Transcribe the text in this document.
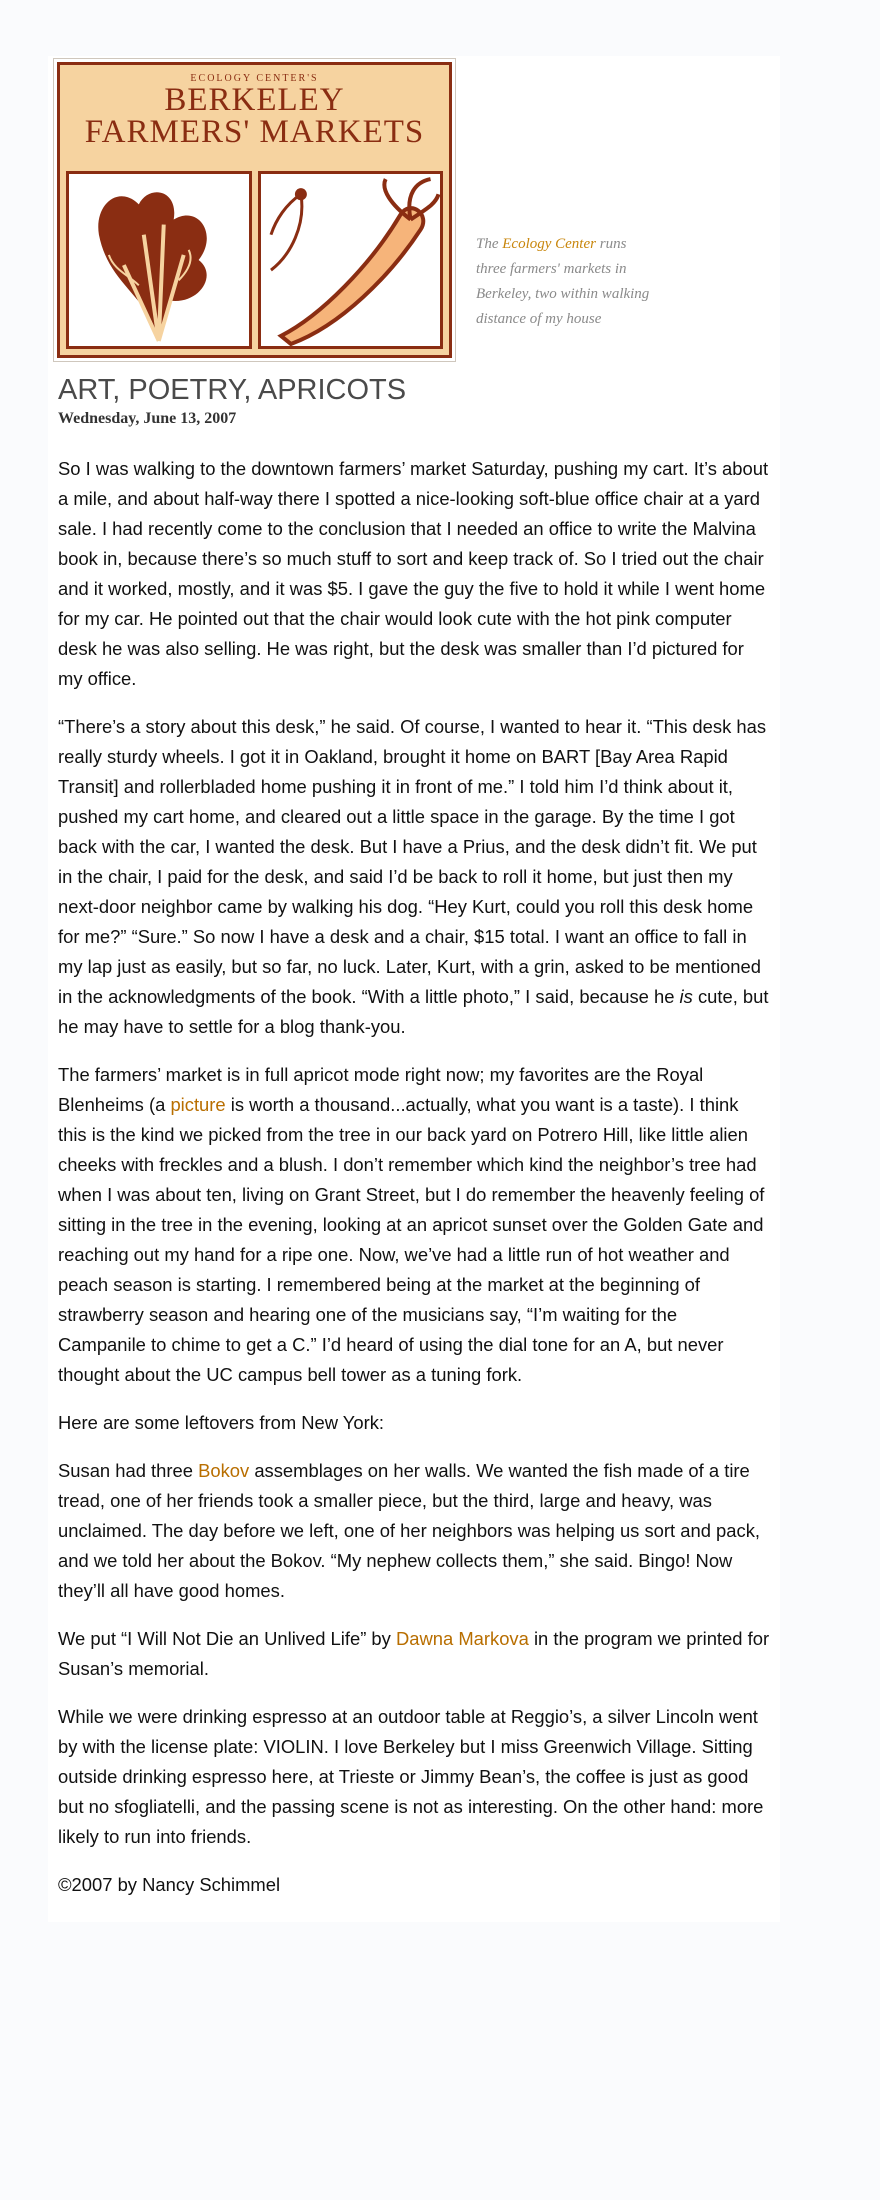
ECOLOGY CENTER'S
BERKELEY
FARMERS' MARKETS
The Ecology Center runs three farmers' markets in Berkeley, two within walking distance of my house
ART, POETRY, APRICOTS
Wednesday, June 13, 2007

So I was walking to the downtown farmers’ market Saturday, pushing my cart. It’s about a mile, and about half-way there I spotted a nice-looking soft-blue office chair at a yard sale. I had recently come to the conclusion that I needed an office to write the Malvina book in, because there’s so much stuff to sort and keep track of. So I tried out the chair and it worked, mostly, and it was $5. I gave the guy the five to hold it while I went home for my car. He pointed out that the chair would look cute with the hot pink computer desk he was also selling. He was right, but the desk was smaller than I’d pictured for my office.

“There’s a story about this desk,” he said. Of course, I wanted to hear it. “This desk has really sturdy wheels. I got it in Oakland, brought it home on BART [Bay Area Rapid Transit] and rollerbladed home pushing it in front of me.” I told him I’d think about it, pushed my cart home, and cleared out a little space in the garage. By the time I got back with the car, I wanted the desk. But I have a Prius, and the desk didn’t fit. We put in the chair, I paid for the desk, and said I’d be back to roll it home, but just then my next-door neighbor came by walking his dog. “Hey Kurt, could you roll this desk home for me?” “Sure.” So now I have a desk and a chair, $15 total. I want an office to fall in my lap just as easily, but so far, no luck. Later, Kurt, with a grin, asked to be mentioned in the acknowledgments of the book. “With a little photo,” I said, because he is cute, but he may have to settle for a blog thank-you.

The farmers’ market is in full apricot mode right now; my favorites are the Royal Blenheims (a picture is worth a thousand...actually, what you want is a taste). I think this is the kind we picked from the tree in our back yard on Potrero Hill, like little alien cheeks with freckles and a blush. I don’t remember which kind the neighbor’s tree had when I was about ten, living on Grant Street, but I do remember the heavenly feeling of sitting in the tree in the evening, looking at an apricot sunset over the Golden Gate and reaching out my hand for a ripe one. Now, we’ve had a little run of hot weather and peach season is starting. I remembered being at the market at the beginning of strawberry season and hearing one of the musicians say, “I’m waiting for the Campanile to chime to get a C.” I’d heard of using the dial tone for an A, but never thought about the UC campus bell tower as a tuning fork.

Here are some leftovers from New York:

Susan had three Bokov assemblages on her walls. We wanted the fish made of a tire tread, one of her friends took a smaller piece, but the third, large and heavy, was unclaimed. The day before we left, one of her neighbors was helping us sort and pack, and we told her about the Bokov. “My nephew collects them,” she said. Bingo! Now they’ll all have good homes.

We put “I Will Not Die an Unlived Life” by Dawna Markova in the program we printed for Susan’s memorial.

While we were drinking espresso at an outdoor table at Reggio’s, a silver Lincoln went by with the license plate: VIOLIN. I love Berkeley but I miss Greenwich Village. Sitting outside drinking espresso here, at Trieste or Jimmy Bean’s, the coffee is just as good but no sfogliatelli, and the passing scene is not as interesting. On the other hand: more likely to run into friends.

©2007 by Nancy Schimmel
